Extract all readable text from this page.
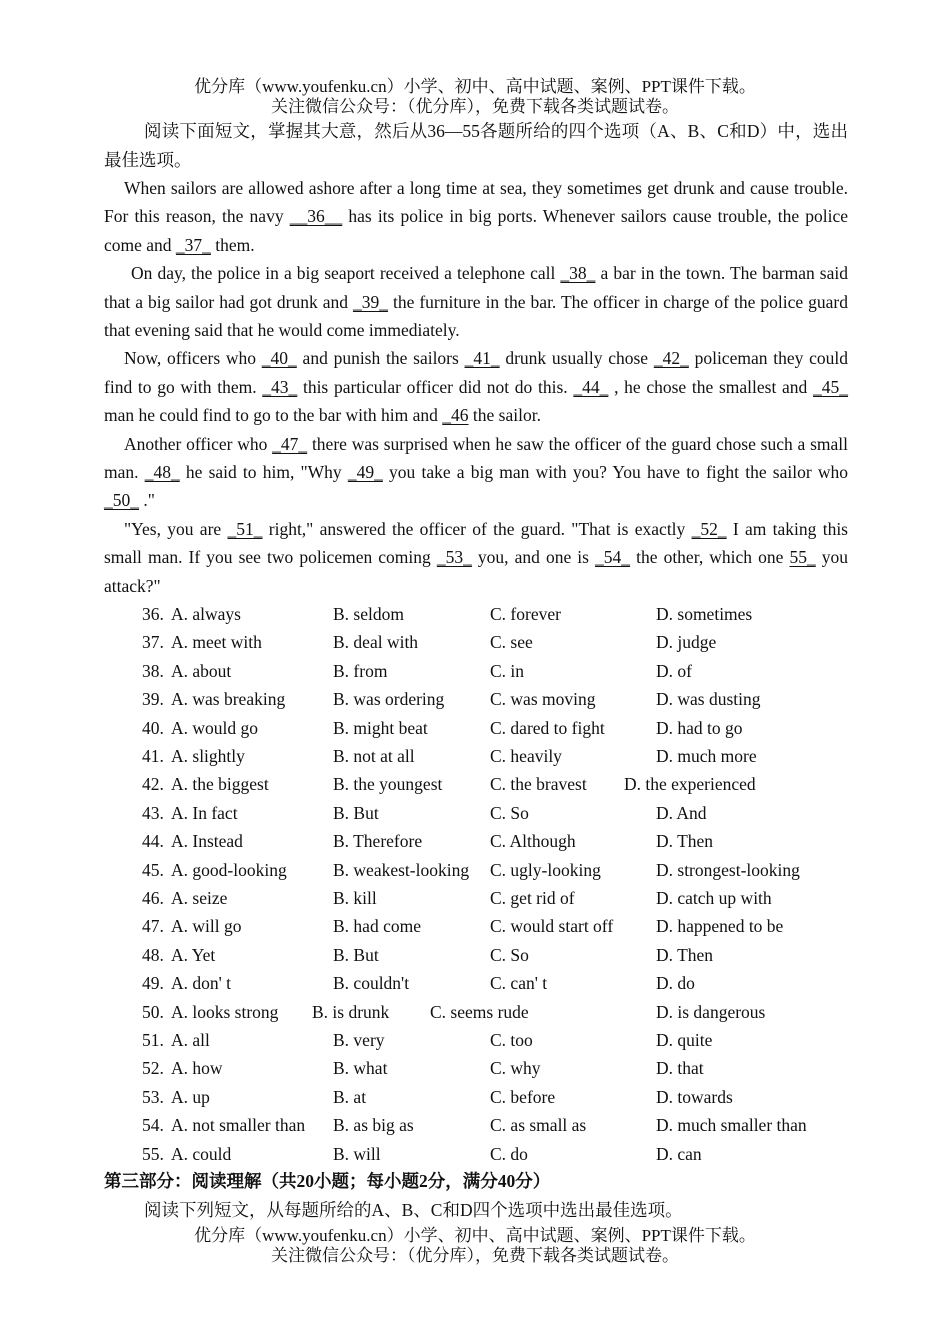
优分库（www.youfenku.cn）小学、初中、高中试题、案例、PPT课件下载。
关注微信公众号：（优分库），免费下载各类试题试卷。
阅读下面短文，掌握其大意，然后从36—55各题所给的四个选项（A、B、C和D）中，选出最佳选项。

When sailors are allowed ashore after a long time at sea, they sometimes get drunk and cause trouble. For this reason, the navy __36__ has its police in big ports. Whenever sailors cause trouble, the police come and _37_ them.

On day, the police in a big seaport received a telephone call _38_ a bar in the town. The barman said that a big sailor had got drunk and _39_ the furniture in the bar. The officer in charge of the police guard that evening said that he would come immediately.

Now, officers who _40_ and punish the sailors _41_ drunk usually chose _42_ policeman they could find to go with them. _43_ this particular officer did not do this. _44_ , he chose the smallest and _45_ man he could find to go to the bar with him and _46 the sailor.

Another officer who _47_ there was surprised when he saw the officer of the guard chose such a small man. _48_ he said to him, "Why _49_ you take a big man with you? You have to fight the sailor who _50_ ."

"Yes, you are _51_ right," answered the officer of the guard. "That is exactly _52_ I am taking this small man. If you see two policemen coming _53_ you, and one is _54_ the other, which one 55_ you attack?"

36. A. always	B. seldom	C. forever	D. sometimes
37. A. meet with	B. deal with	C. see	D. judge
38. A. about	B. from	C. in	D. of
39. A. was breaking	B. was ordering	C. was moving	D. was dusting
40. A. would go	B. might beat	C. dared to fight	D. had to go
41. A. slightly	B. not at all	C. heavily	D. much more
42. A. the biggest	B. the youngest	C. the bravest D. the experienced
43. A. In fact	B. But	C. So	D. And
44. A. Instead	B. Therefore	C. Although	D. Then
45. A. good-looking	B. weakest-looking C. ugly-looking	D. strongest-looking
46. A. seize	B. kill	C. get rid of	D. catch up with
47. A. will go	B. had come	C. would start off D. happened to be
48. A. Yet	B. But	C. So	D. Then
49. A. don' t	B. couldn't	C. can' t	D. do
50. A. looks strong B. is drunk C. seems rude	D. is dangerous
51. A. all	B. very	C. too	D. quite
52. A. how	B. what	C. why	D. that
53. A. up	B. at	C. before	D. towards
54. A. not smaller than B. as big as	C. as small as	D. much smaller than
55. A. could	B. will	C. do	D. can
第三部分：阅读理解（共20小题；每小题2分，满分40分）
阅读下列短文，从每题所给的A、B、C和D四个选项中选出最佳选项。
优分库（www.youfenku.cn）小学、初中、高中试题、案例、PPT课件下载。
关注微信公众号：（优分库），免费下载各类试题试卷。
